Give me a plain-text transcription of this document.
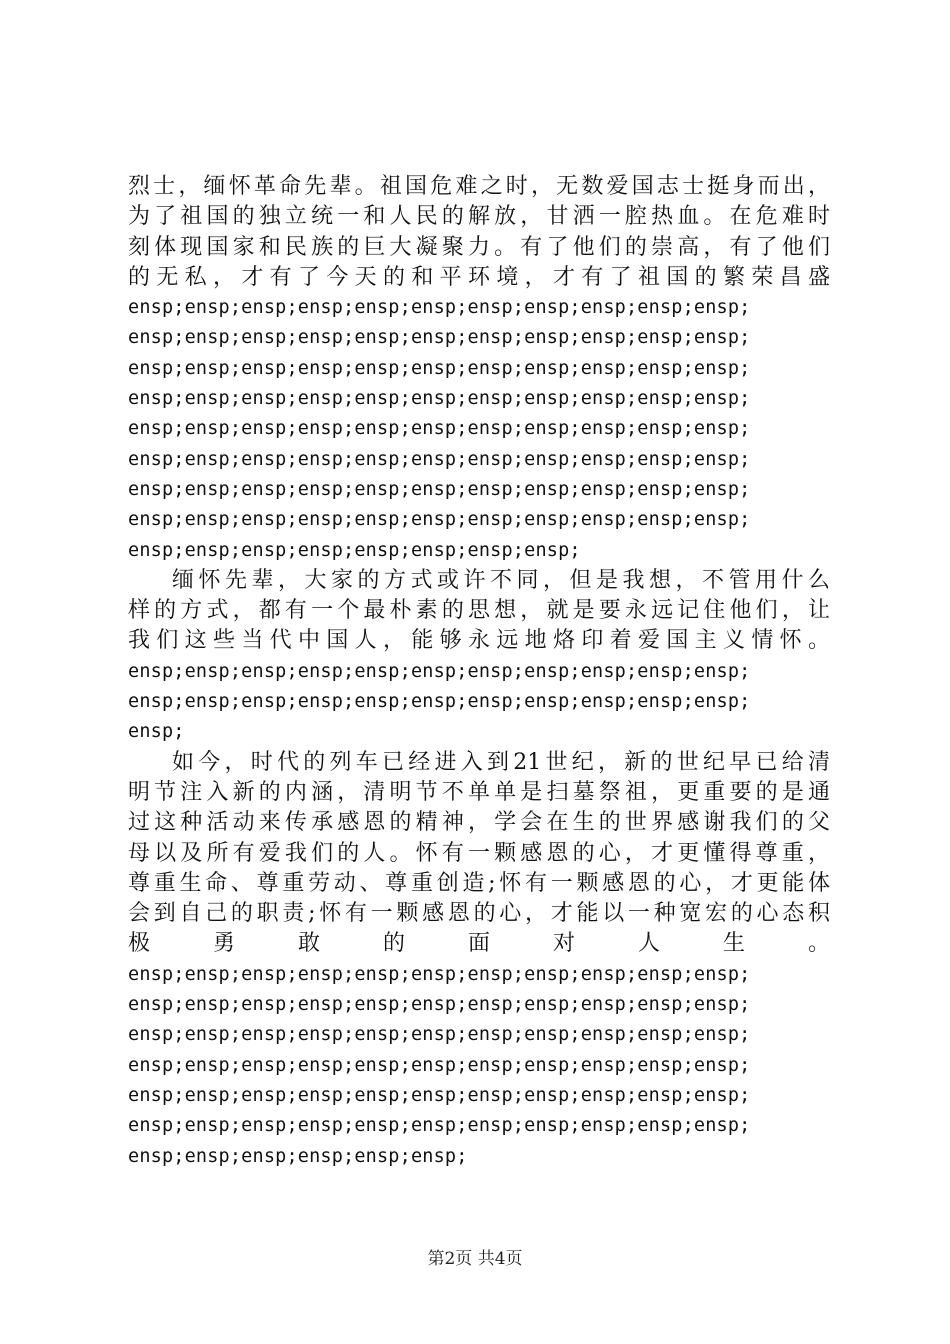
烈士，缅怀革命先辈。祖国危难之时，无数爱国志士挺身而出，
为了祖国的独立统一和人民的解放，甘洒一腔热血。在危难时
刻体现国家和民族的巨大凝聚力。有了他们的崇高，有了他们
的无私，才有了今天的和平环境，才有了祖国的繁荣昌盛
ensp;ensp;ensp;ensp;ensp;ensp;ensp;ensp;ensp;ensp;ensp;
ensp;ensp;ensp;ensp;ensp;ensp;ensp;ensp;ensp;ensp;ensp;
ensp;ensp;ensp;ensp;ensp;ensp;ensp;ensp;ensp;ensp;ensp;
ensp;ensp;ensp;ensp;ensp;ensp;ensp;ensp;ensp;ensp;ensp;
ensp;ensp;ensp;ensp;ensp;ensp;ensp;ensp;ensp;ensp;ensp;
ensp;ensp;ensp;ensp;ensp;ensp;ensp;ensp;ensp;ensp;ensp;
ensp;ensp;ensp;ensp;ensp;ensp;ensp;ensp;ensp;ensp;ensp;
ensp;ensp;ensp;ensp;ensp;ensp;ensp;ensp;ensp;ensp;ensp;
ensp;ensp;ensp;ensp;ensp;ensp;ensp;ensp;
缅怀先辈，大家的方式或许不同，但是我想，不管用什么
样的方式，都有一个最朴素的思想，就是要永远记住他们，让
我们这些当代中国人，能够永远地烙印着爱国主义情怀。
ensp;ensp;ensp;ensp;ensp;ensp;ensp;ensp;ensp;ensp;ensp;
ensp;ensp;ensp;ensp;ensp;ensp;ensp;ensp;ensp;ensp;ensp;
ensp;
如今，时代的列车已经进入到21世纪，新的世纪早已给清
明节注入新的内涵，清明节不单单是扫墓祭祖，更重要的是通
过这种活动来传承感恩的精神，学会在生的世界感谢我们的父
母以及所有爱我们的人。怀有一颗感恩的心，才更懂得尊重，
尊重生命、尊重劳动、尊重创造;怀有一颗感恩的心，才更能体
会到自己的职责;怀有一颗感恩的心，才能以一种宽宏的心态积
极勇敢的面对人生。
ensp;ensp;ensp;ensp;ensp;ensp;ensp;ensp;ensp;ensp;ensp;
ensp;ensp;ensp;ensp;ensp;ensp;ensp;ensp;ensp;ensp;ensp;
ensp;ensp;ensp;ensp;ensp;ensp;ensp;ensp;ensp;ensp;ensp;
ensp;ensp;ensp;ensp;ensp;ensp;ensp;ensp;ensp;ensp;ensp;
ensp;ensp;ensp;ensp;ensp;ensp;ensp;ensp;ensp;ensp;ensp;
ensp;ensp;ensp;ensp;ensp;ensp;ensp;ensp;ensp;ensp;ensp;
ensp;ensp;ensp;ensp;ensp;ensp;
第2页 共4页
